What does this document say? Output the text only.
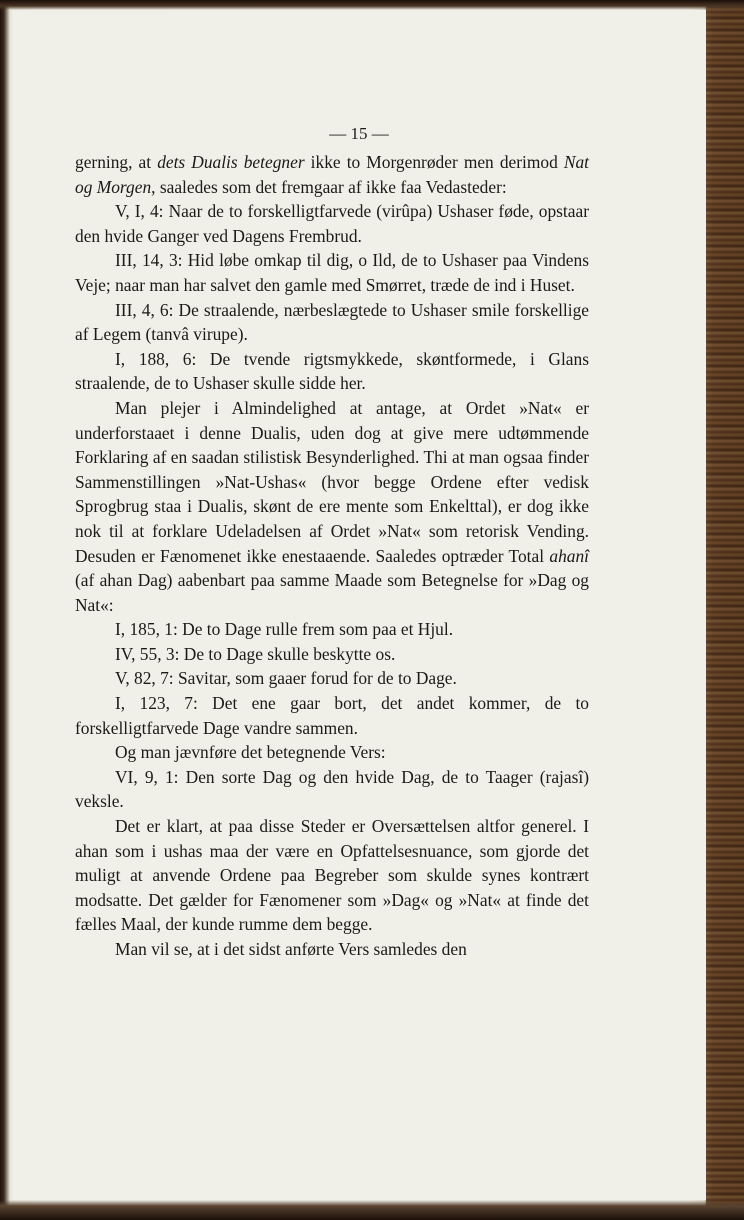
— 15 —

gerning, at dets Dualis betegner ikke to Morgenrøder men derimod Nat og Morgen, saaledes som det fremgaar af ikke faa Vedasteder:

V, I, 4: Naar de to forskelligtfarvede (virûpa) Ushaser føde, opstaar den hvide Ganger ved Dagens Frembrud.

III, 14, 3: Hid løbe omkap til dig, o Ild, de to Ushaser paa Vindens Veje; naar man har salvet den gamle med Smørret, træde de ind i Huset.

III, 4, 6: De straalende, nærbeslægtede to Ushaser smile forskellige af Legem (tanvâ virupe).

I, 188, 6: De tvende rigtsmykkede, skøntformede, i Glans straalende, de to Ushaser skulle sidde her.

Man plejer i Almindelighed at antage, at Ordet »Nat« er underforstaaet i denne Dualis, uden dog at give mere udtømmende Forklaring af en saadan stilistisk Besynderlighed. Thi at man ogsaa finder Sammenstillingen »Nat-Ushas« (hvor begge Ordene efter vedisk Sprogbrug staa i Dualis, skønt de ere mente som Enkelttal), er dog ikke nok til at forklare Udeladelsen af Ordet »Nat« som retorisk Vending. Desuden er Fænomenet ikke enestaaende. Saaledes optræder Total ahanî (af ahan Dag) aabenbart paa samme Maade som Betegnelse for »Dag og Nat«:

I, 185, 1: De to Dage rulle frem som paa et Hjul.

IV, 55, 3: De to Dage skulle beskytte os.

V, 82, 7: Savitar, som gaaer forud for de to Dage.

I, 123, 7: Det ene gaar bort, det andet kommer, de to forskelligtfarvede Dage vandre sammen.

Og man jævnføre det betegnende Vers:

VI, 9, 1: Den sorte Dag og den hvide Dag, de to Taager (rajasî) veksle.

Det er klart, at paa disse Steder er Oversættelsen altfor generel. I ahan som i ushas maa der være en Opfattelsesnuance, som gjorde det muligt at anvende Ordene paa Begreber som skulde synes kontrært modsatte. Det gælder for Fænomener som »Dag« og »Nat« at finde det fælles Maal, der kunde rumme dem begge.

Man vil se, at i det sidst anførte Vers samledes den
